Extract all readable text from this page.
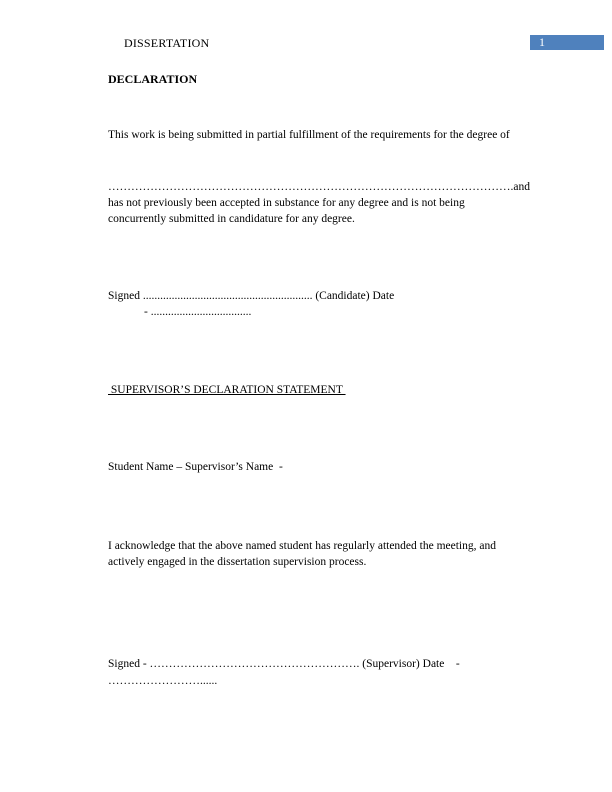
DISSERTATION	1
DECLARATION
This work is being submitted in partial fulfillment of the requirements for the degree of
…………………………………………………………………………………………….and
has not previously been accepted in substance for any degree and is not being
concurrently submitted in candidature for any degree.
Signed ........................................................... (Candidate) Date
- ...................................
SUPERVISOR’S DECLARATION STATEMENT
Student Name – Supervisor’s Name  -
I acknowledge that the above named student has regularly attended the meeting, and
actively engaged in the dissertation supervision process.
Signed - ………………………………………………. (Supervisor) Date    -
……………………......
